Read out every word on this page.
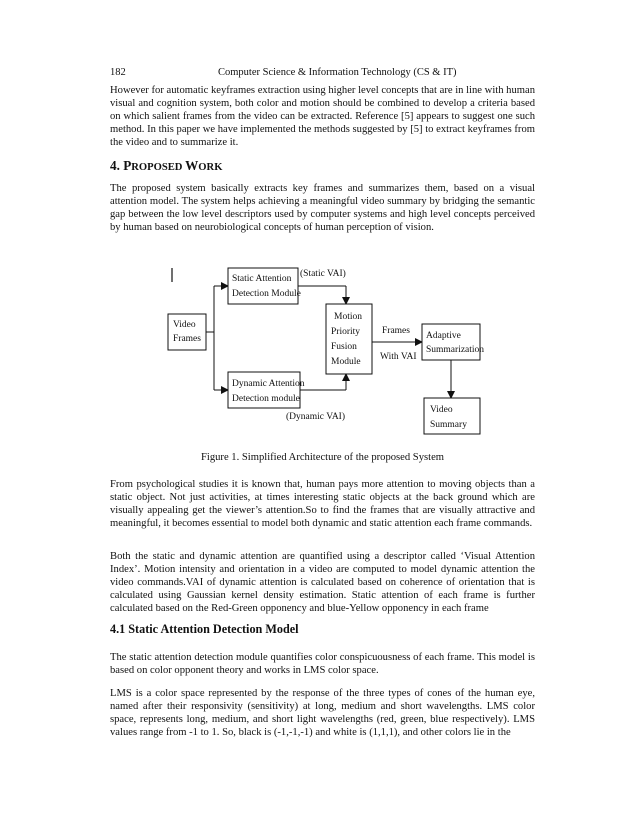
182	Computer Science & Information Technology (CS & IT)

However for automatic keyframes extraction using higher level concepts that are in line with human visual and cognition system, both color and motion should be combined to develop a criteria based on which salient frames from the video can be extracted. Reference [5] appears to suggest one such method. In this paper we have implemented the methods suggested by [5] to extract keyframes from the video and to summarize it.

4. PROPOSED WORK

The proposed system basically extracts key frames and summarizes them, based on a visual attention model. The system helps achieving a meaningful video summary by bridging the semantic gap between the low level descriptors used by computer systems and high level concepts perceived by human based on neurobiological concepts of human perception of vision.

Video
Frames
Static Attention
Detection Module
(Static VAI)
Dynamic Attention
Detection module
(Dynamic VAI)
Motion
Priority
Fusion
Module
Frames
With VAI
Adaptive
Summarization
Video
Summary
Figure 1. Simplified Architecture of the proposed System

From psychological studies it is known that, human pays more attention to moving objects than a static object. Not just activities, at times interesting static objects at the back ground which are visually appealing get the viewer’s attention.So to find the frames that are visually attractive and meaningful, it becomes essential to model both dynamic and static attention each frame commands.

Both the static and dynamic attention are quantified using a descriptor called ‘Visual Attention Index’. Motion intensity and orientation in a video are computed to model dynamic attention the video commands.VAI of dynamic attention is calculated based on coherence of orientation that is calculated using Gaussian kernel density estimation. Static attention of each frame is further calculated based on the Red-Green opponency and blue-Yellow opponency in each frame

4.1 Static Attention Detection Model

The static attention detection module quantifies color conspicuousness of each frame. This model is based on color opponent theory and works in LMS color space.

LMS is a color space represented by the response of the three types of cones of the human eye, named after their responsivity (sensitivity) at long, medium and short wavelengths. LMS color space, represents long, medium, and short light wavelengths (red, green, blue respectively). LMS values range from -1 to 1. So, black is (-1,-1,-1) and white is (1,1,1), and other colors lie in the
